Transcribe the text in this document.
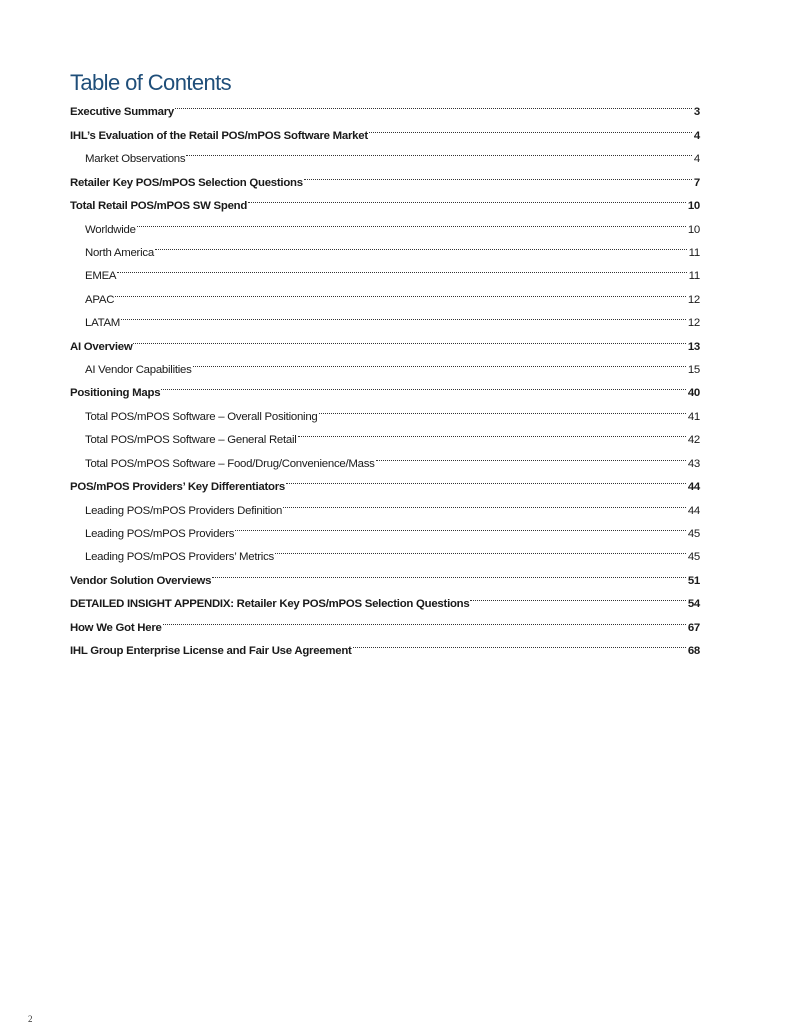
Table of Contents
Executive Summary	3
IHL’s Evaluation of the Retail POS/mPOS Software Market	4
Market Observations	4
Retailer Key POS/mPOS Selection Questions	7
Total Retail POS/mPOS SW Spend	10
Worldwide	10
North America	11
EMEA	11
APAC	12
LATAM	12
AI Overview	13
AI Vendor Capabilities	15
Positioning Maps	40
Total POS/mPOS Software – Overall Positioning	41
Total POS/mPOS Software – General Retail	42
Total POS/mPOS Software – Food/Drug/Convenience/Mass	43
POS/mPOS Providers’ Key Differentiators	44
Leading POS/mPOS Providers Definition	44
Leading POS/mPOS Providers	45
Leading POS/mPOS Providers’ Metrics	45
Vendor Solution Overviews	51
DETAILED INSIGHT APPENDIX: Retailer Key POS/mPOS Selection Questions	54
How We Got Here	67
IHL Group Enterprise License and Fair Use Agreement	68
2
